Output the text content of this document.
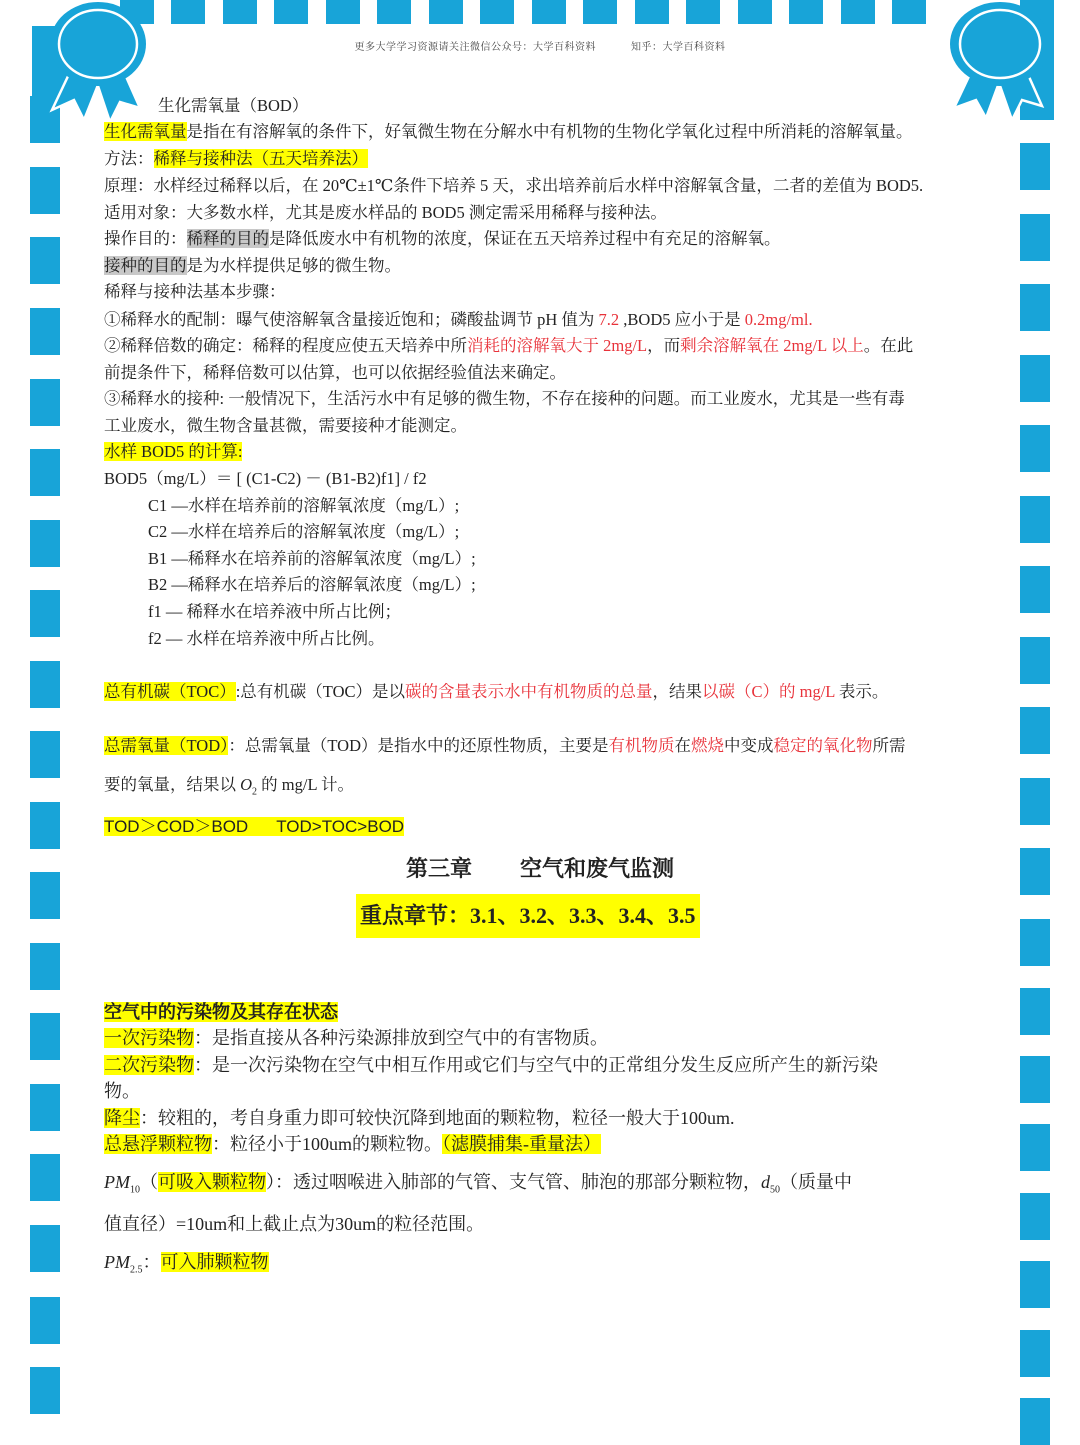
更多大学学习资源请关注微信公众号：大学百科资料	知乎：大学百科资料
生化需氧量（BOD）
生化需氧量是指在有溶解氧的条件下，好氧微生物在分解水中有机物的生物化学氧化过程中所消耗的溶解氧量。
方法：稀释与接种法（五天培养法）
原理：水样经过稀释以后，在 20℃±1℃条件下培养 5 天，求出培养前后水样中溶解氧含量，二者的差值为 BOD5.
适用对象：大多数水样，尤其是废水样品的 BOD5 测定需采用稀释与接种法。
操作目的：稀释的目的是降低废水中有机物的浓度，保证在五天培养过程中有充足的溶解氧。
接种的目的是为水样提供足够的微生物。
稀释与接种法基本步骤：
①稀释水的配制：曝气使溶解氧含量接近饱和；磷酸盐调节 pH 值为 7.2 ,BOD5 应小于是 0.2mg/ml.
②稀释倍数的确定：稀释的程度应使五天培养中所消耗的溶解氧大于 2mg/L，而剩余溶解氧在 2mg/L 以上。在此
前提条件下，稀释倍数可以估算，也可以依据经验值法来确定。
③稀释水的接种: 一般情况下，生活污水中有足够的微生物，不存在接种的问题。而工业废水，尤其是一些有毒
工业废水，微生物含量甚微，需要接种才能测定。
水样 BOD5 的计算:
BOD5（mg/L）＝ [ (C1-C2) － (B1-B2)f1] / f2
C1 —水样在培养前的溶解氧浓度（mg/L）;
C2 —水样在培养后的溶解氧浓度（mg/L）;
B1 —稀释水在培养前的溶解氧浓度（mg/L）;
B2 —稀释水在培养后的溶解氧浓度（mg/L）;
f1 — 稀释水在培养液中所占比例；
f2 — 水样在培养液中所占比例。
总有机碳（TOC）:总有机碳（TOC）是以碳的含量表示水中有机物质的总量，结果以碳（C）的 mg/L 表示。
总需氧量（TOD）：总需氧量（TOD）是指水中的还原性物质，主要是有机物质在燃烧中变成稳定的氧化物所需
要的氧量，结果以 $O_2$ 的 mg/L 计。
TOD＞COD＞BOD      TOD>TOC>BOD
第三章 空气和废气监测
重点章节：3.1、3.2、3.3、3.4、3.5
空气中的污染物及其存在状态
一次污染物：是指直接从各种污染源排放到空气中的有害物质。
二次污染物：是一次污染物在空气中相互作用或它们与空气中的正常组分发生反应所产生的新污染
物。
降尘：较粗的，考自身重力即可较快沉降到地面的颗粒物，粒径一般大于100um.
总悬浮颗粒物：粒径小于100um的颗粒物。（滤膜捕集-重量法）
$PM_{10}$（可吸入颗粒物）：透过咽喉进入肺部的气管、支气管、肺泡的那部分颗粒物，$d_{50}$（质量中
值直径）=10um和上截止点为30um的粒径范围。
$PM_{2.5}$：可入肺颗粒物
